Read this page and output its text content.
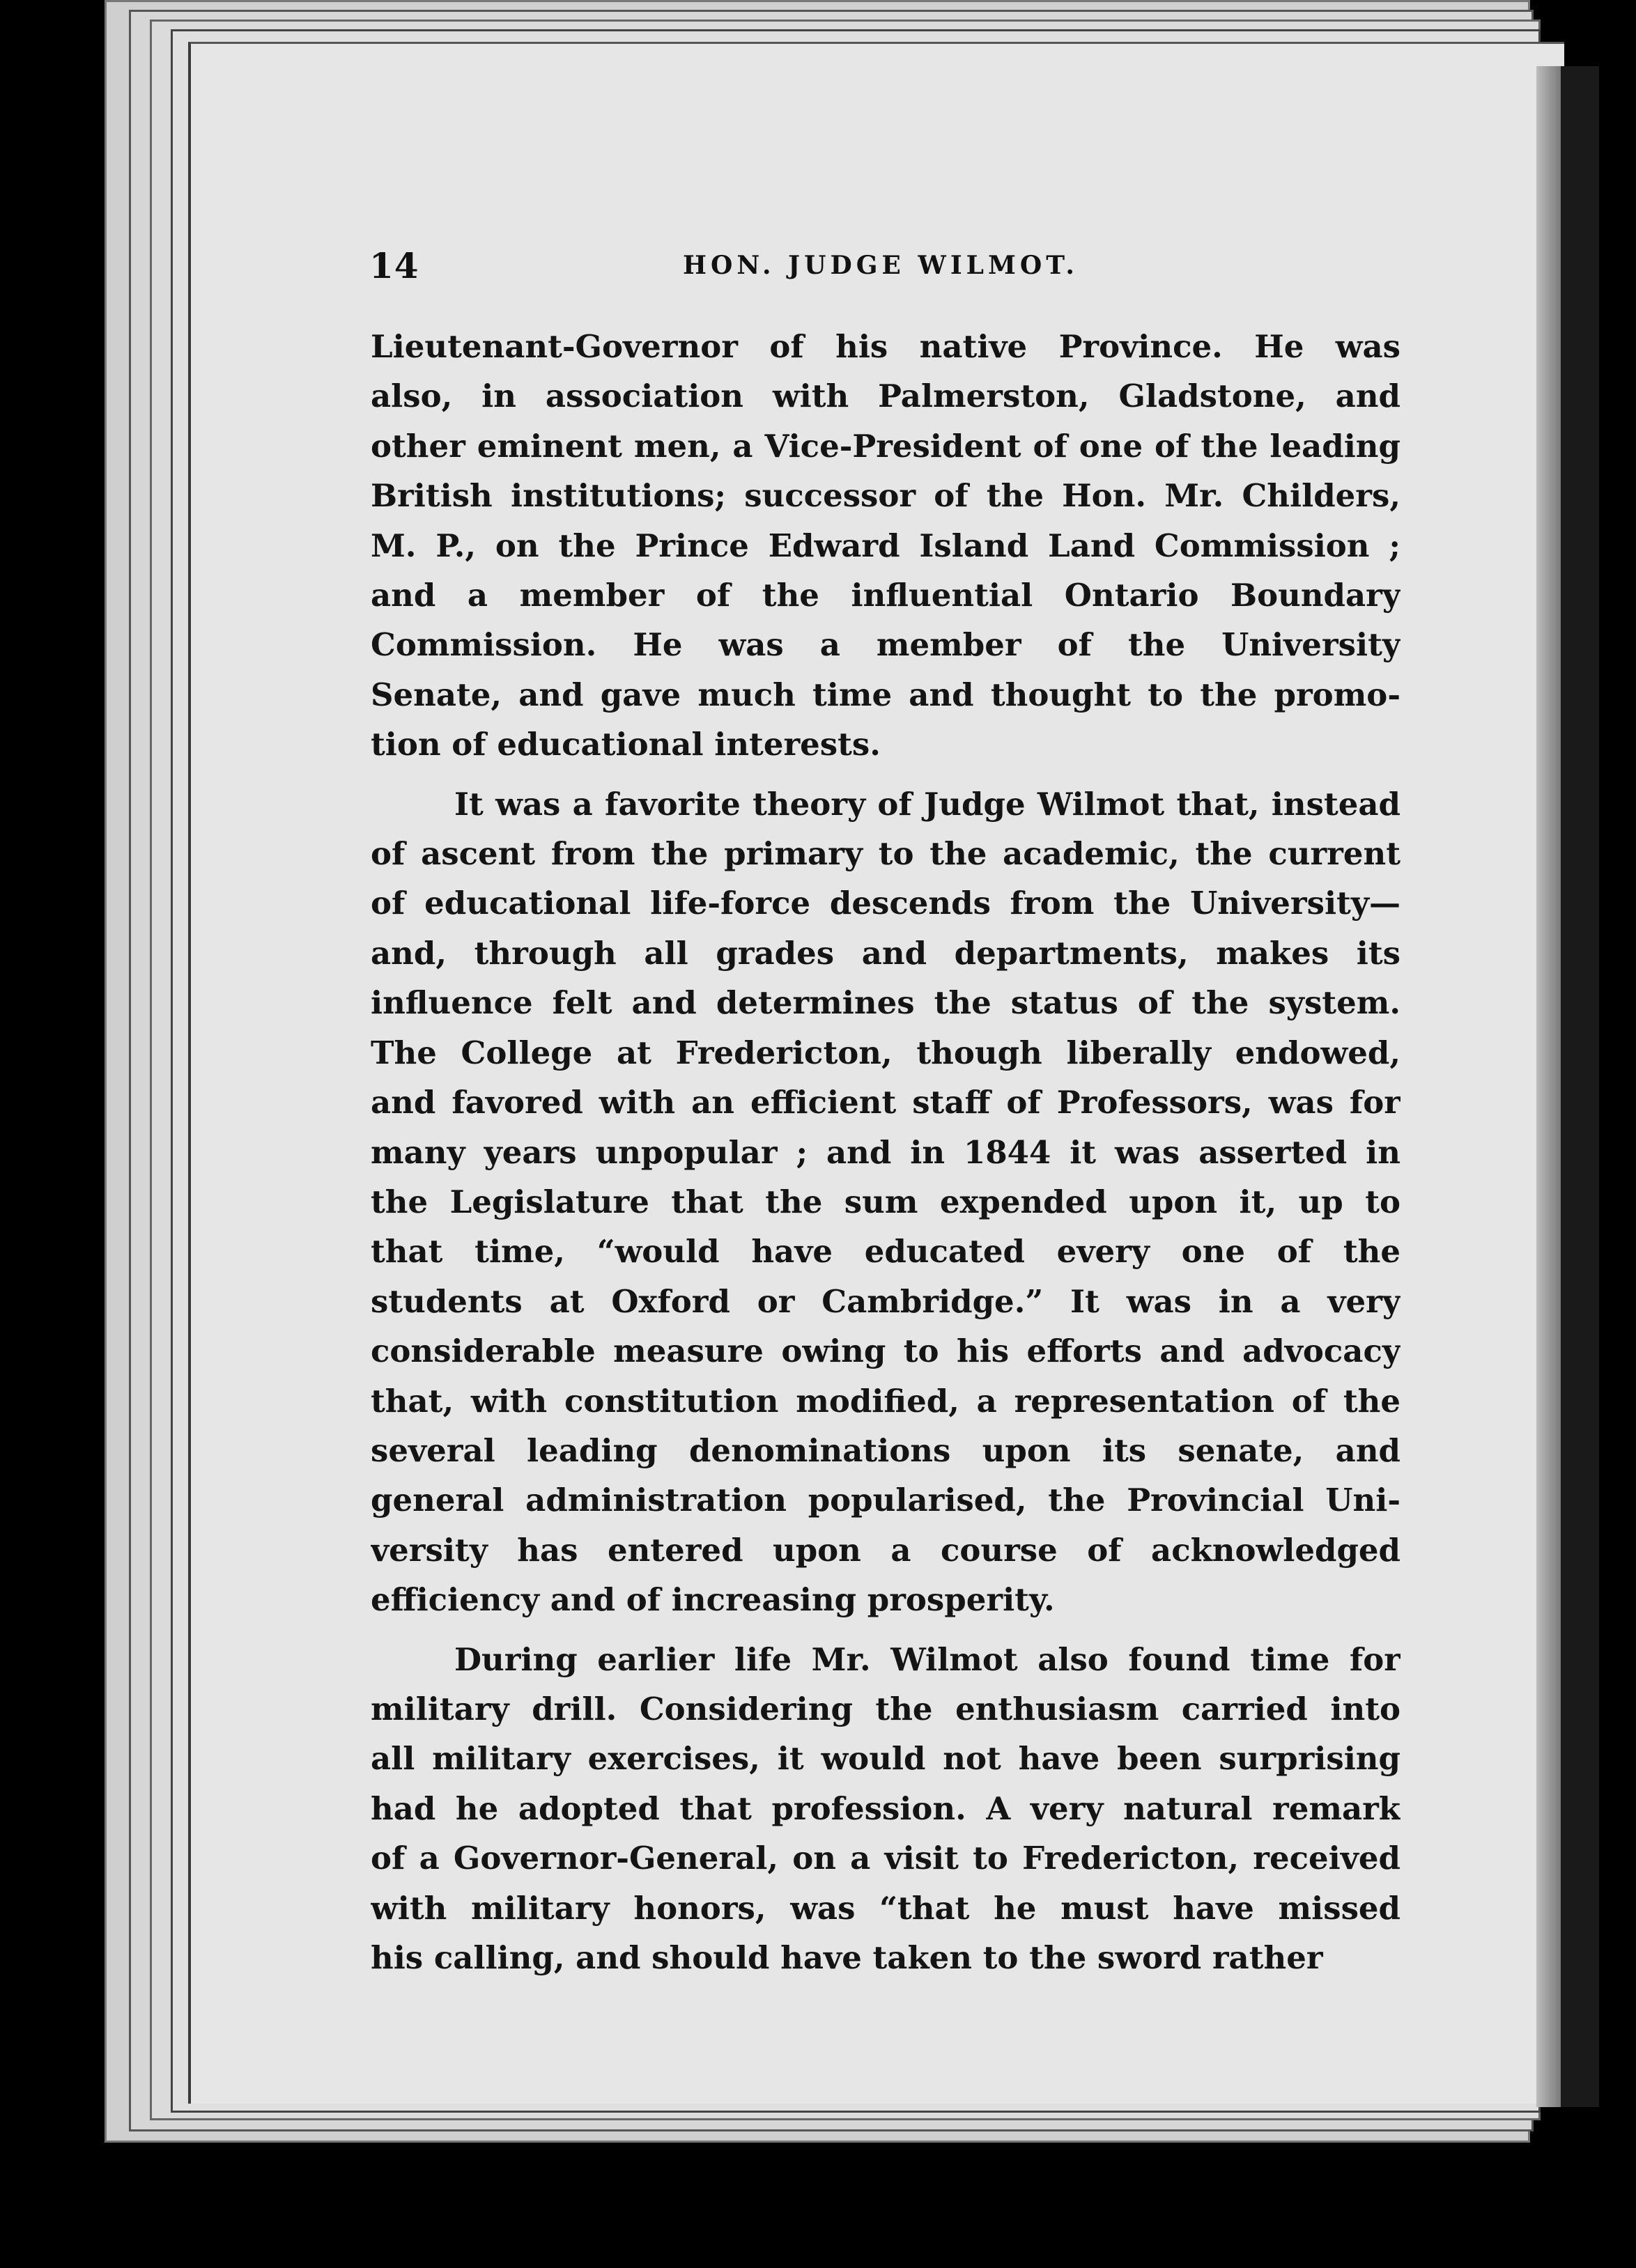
14	HON. JUDGE WILMOT.
Lieutenant-Governor of his native Province. He was
also, in association with Palmerston, Gladstone, and
other eminent men, a Vice-President of one of the leading
British institutions; successor of the Hon. Mr. Childers,
M. P., on the Prince Edward Island Land Commission ;
and a member of the influential Ontario Boundary
Commission. He was a member of the University
Senate, and gave much time and thought to the promo-
tion of educational interests.
It was a favorite theory of Judge Wilmot that, instead
of ascent from the primary to the academic, the current
of educational life-force descends from the University—
and, through all grades and departments, makes its
influence felt and determines the status of the system.
The College at Fredericton, though liberally endowed,
and favored with an efficient staff of Professors, was for
many years unpopular ; and in 1844 it was asserted in
the Legislature that the sum expended upon it, up to
that time, “would have educated every one of the
students at Oxford or Cambridge.” It was in a very
considerable measure owing to his efforts and advocacy
that, with constitution modified, a representation of the
several leading denominations upon its senate, and
general administration popularised, the Provincial Uni-
versity has entered upon a course of acknowledged
efficiency and of increasing prosperity.
During earlier life Mr. Wilmot also found time for
military drill. Considering the enthusiasm carried into
all military exercises, it would not have been surprising
had he adopted that profession. A very natural remark
of a Governor-General, on a visit to Fredericton, received
with military honors, was “that he must have missed
his calling, and should have taken to the sword rather
